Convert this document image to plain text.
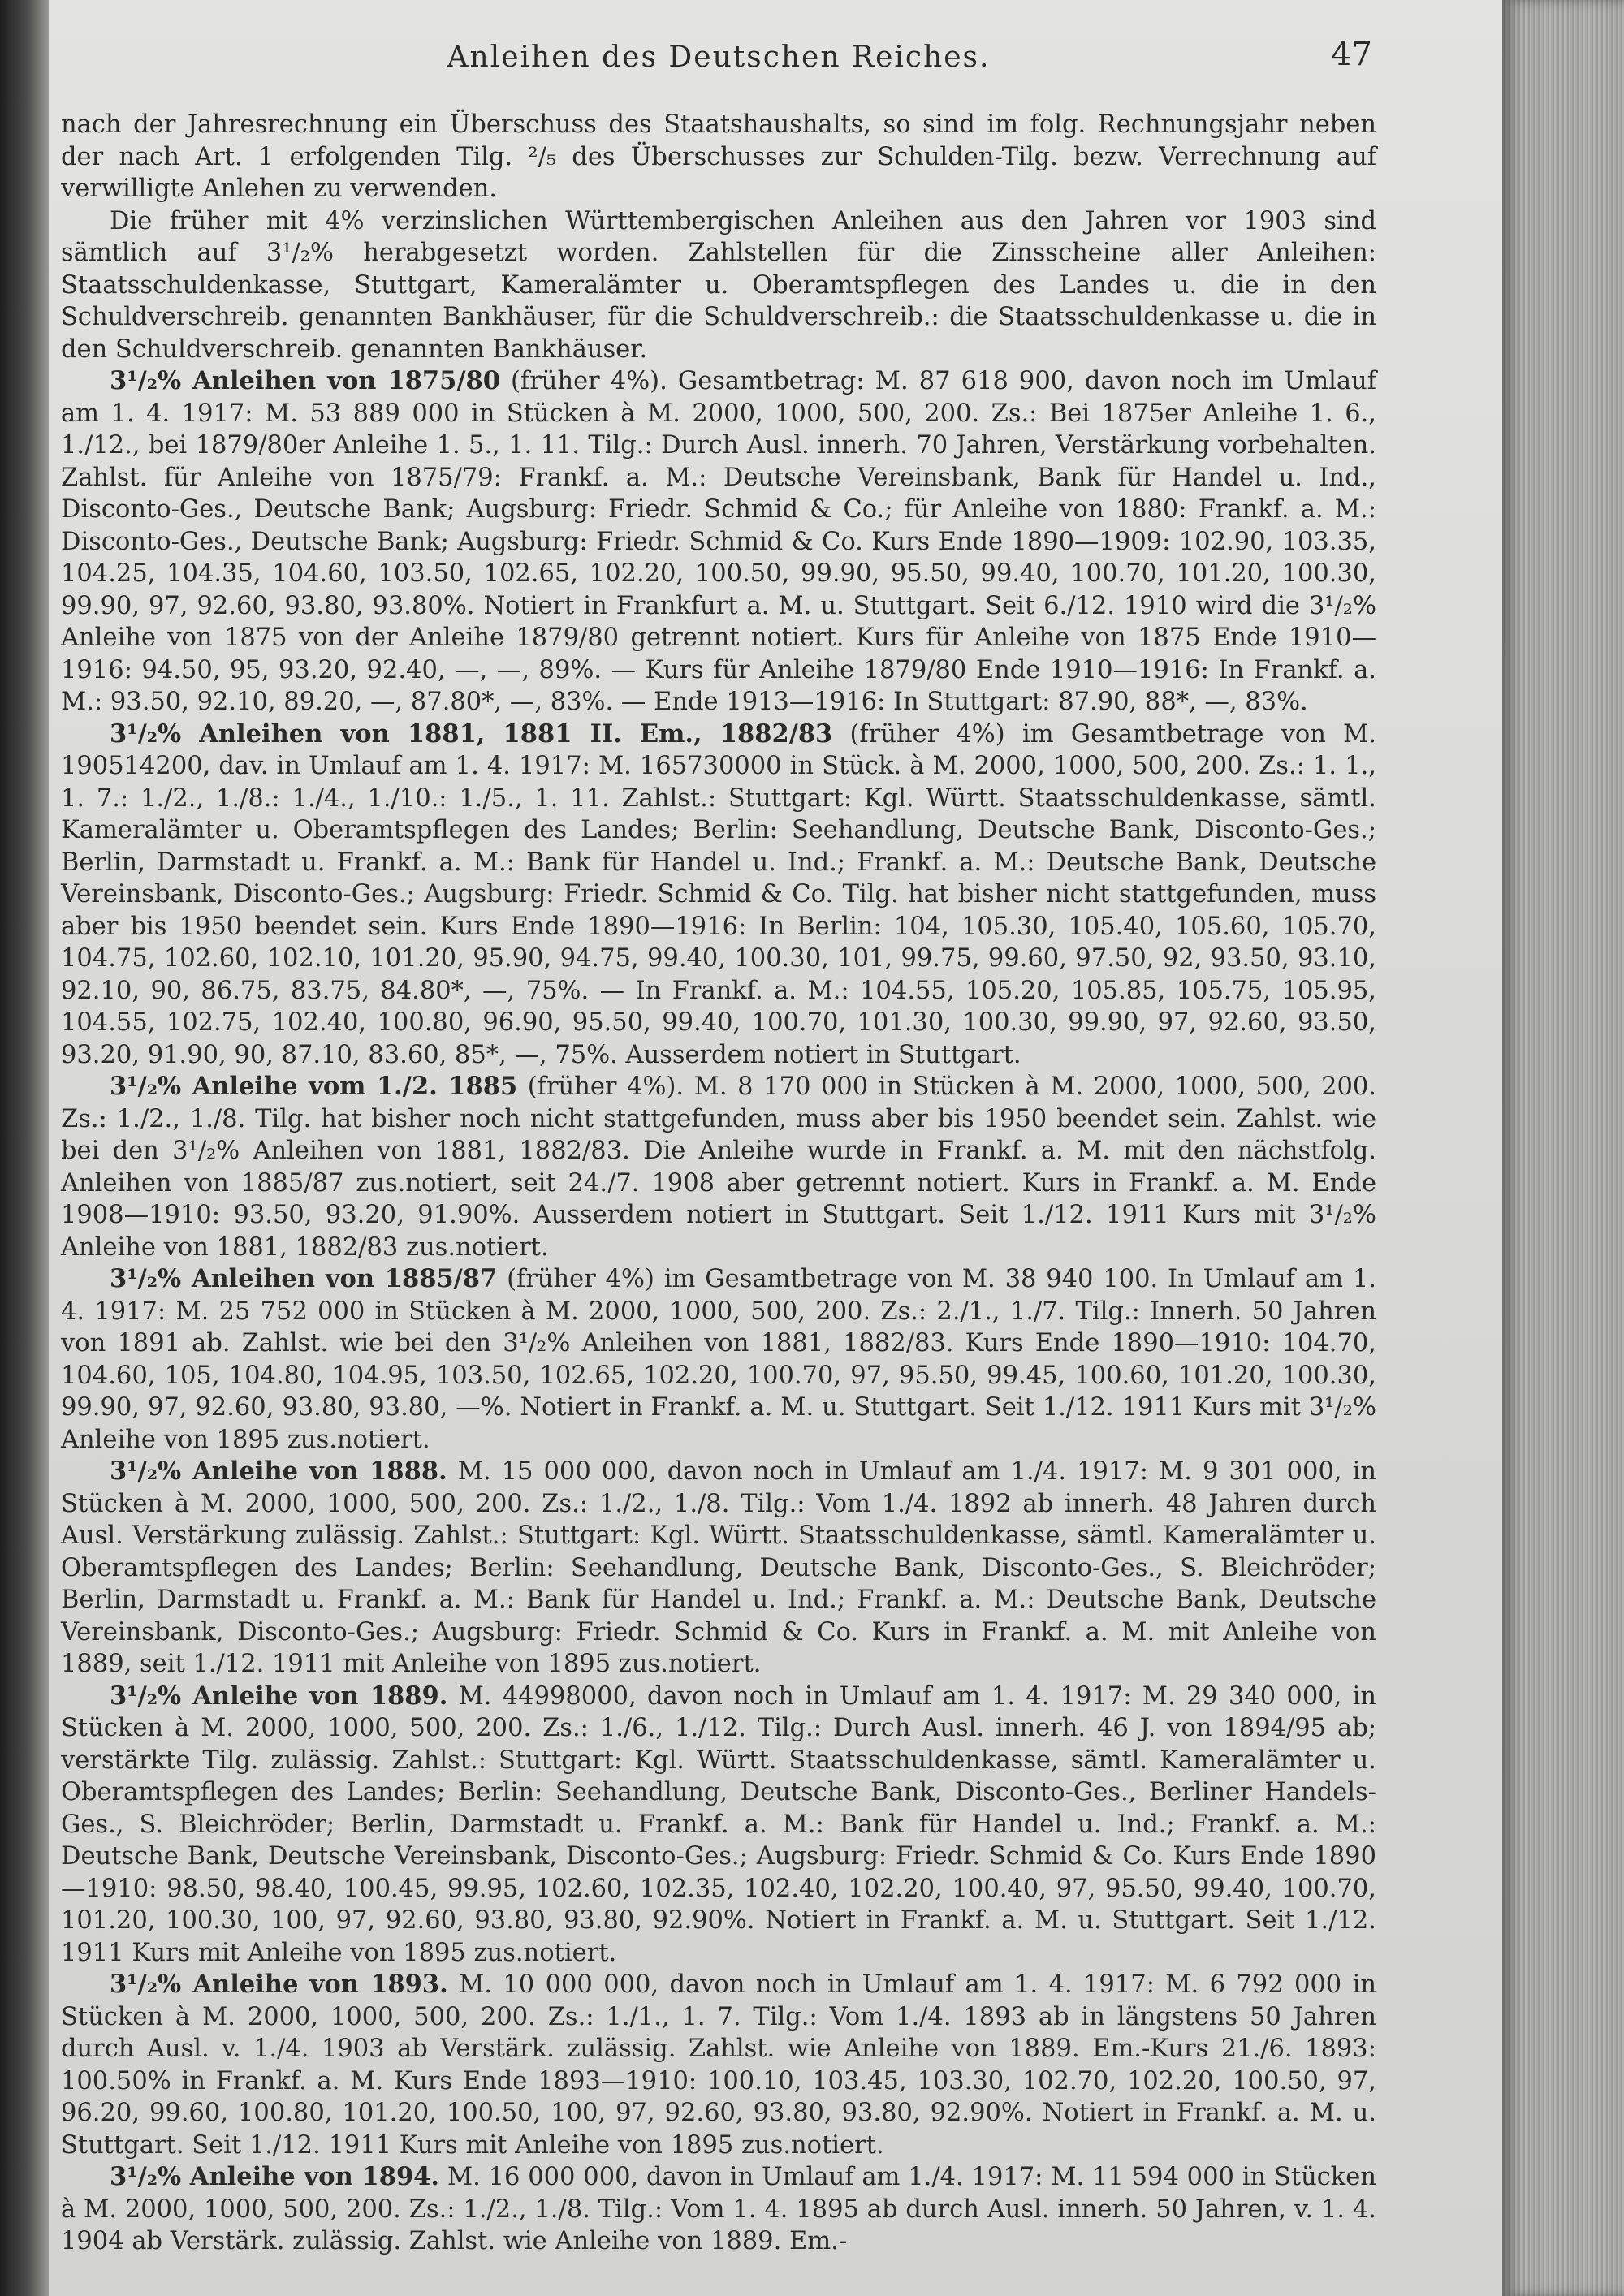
Anleihen des Deutschen Reiches.	47

nach der Jahresrechnung ein Überschuss des Staatshaushalts, so sind im folg. Rechnungsjahr neben der nach Art. 1 erfolgenden Tilg. ²/₅ des Überschusses zur Schulden-Tilg. bezw. Verrechnung auf verwilligte Anlehen zu verwenden.

Die früher mit 4% verzinslichen Württembergischen Anleihen aus den Jahren vor 1903 sind sämtlich auf 3¹/₂% herabgesetzt worden. Zahlstellen für die Zinsscheine aller Anleihen: Staatsschuldenkasse, Stuttgart, Kameralämter u. Oberamtspflegen des Landes u. die in den Schuldverschreib. genannten Bankhäuser, für die Schuldverschreib.: die Staatsschuldenkasse u. die in den Schuldverschreib. genannten Bankhäuser.

3¹/₂% Anleihen von 1875/80 (früher 4%). Gesamtbetrag: M. 87 618 900, davon noch im Umlauf am 1. 4. 1917: M. 53 889 000 in Stücken à M. 2000, 1000, 500, 200. Zs.: Bei 1875er Anleihe 1. 6., 1./12., bei 1879/80er Anleihe 1. 5., 1. 11. Tilg.: Durch Ausl. innerh. 70 Jahren, Verstärkung vorbehalten. Zahlst. für Anleihe von 1875/79: Frankf. a. M.: Deutsche Vereinsbank, Bank für Handel u. Ind., Disconto-Ges., Deutsche Bank; Augsburg: Friedr. Schmid & Co.; für Anleihe von 1880: Frankf. a. M.: Disconto-Ges., Deutsche Bank; Augsburg: Friedr. Schmid & Co. Kurs Ende 1890—1909: 102.90, 103.35, 104.25, 104.35, 104.60, 103.50, 102.65, 102.20, 100.50, 99.90, 95.50, 99.40, 100.70, 101.20, 100.30, 99.90, 97, 92.60, 93.80, 93.80%. Notiert in Frankfurt a. M. u. Stuttgart. Seit 6./12. 1910 wird die 3¹/₂% Anleihe von 1875 von der Anleihe 1879/80 getrennt notiert. Kurs für Anleihe von 1875 Ende 1910—1916: 94.50, 95, 93.20, 92.40, —, —, 89%. — Kurs für Anleihe 1879/80 Ende 1910—1916: In Frankf. a. M.: 93.50, 92.10, 89.20, —, 87.80*, —, 83%. — Ende 1913—1916: In Stuttgart: 87.90, 88*, —, 83%.

3¹/₂% Anleihen von 1881, 1881 II. Em., 1882/83 (früher 4%) im Gesamtbetrage von M. 190514200, dav. in Umlauf am 1. 4. 1917: M. 165730000 in Stück. à M. 2000, 1000, 500, 200. Zs.: 1. 1., 1. 7.: 1./2., 1./8.: 1./4., 1./10.: 1./5., 1. 11. Zahlst.: Stuttgart: Kgl. Württ. Staatsschuldenkasse, sämtl. Kameralämter u. Oberamtspflegen des Landes; Berlin: Seehandlung, Deutsche Bank, Disconto-Ges.; Berlin, Darmstadt u. Frankf. a. M.: Bank für Handel u. Ind.; Frankf. a. M.: Deutsche Bank, Deutsche Vereinsbank, Disconto-Ges.; Augsburg: Friedr. Schmid & Co. Tilg. hat bisher nicht stattgefunden, muss aber bis 1950 beendet sein. Kurs Ende 1890—1916: In Berlin: 104, 105.30, 105.40, 105.60, 105.70, 104.75, 102.60, 102.10, 101.20, 95.90, 94.75, 99.40, 100.30, 101, 99.75, 99.60, 97.50, 92, 93.50, 93.10, 92.10, 90, 86.75, 83.75, 84.80*, —, 75%. — In Frankf. a. M.: 104.55, 105.20, 105.85, 105.75, 105.95, 104.55, 102.75, 102.40, 100.80, 96.90, 95.50, 99.40, 100.70, 101.30, 100.30, 99.90, 97, 92.60, 93.50, 93.20, 91.90, 90, 87.10, 83.60, 85*, —, 75%. Ausserdem notiert in Stuttgart.

3¹/₂% Anleihe vom 1./2. 1885 (früher 4%). M. 8 170 000 in Stücken à M. 2000, 1000, 500, 200. Zs.: 1./2., 1./8. Tilg. hat bisher noch nicht stattgefunden, muss aber bis 1950 beendet sein. Zahlst. wie bei den 3¹/₂% Anleihen von 1881, 1882/83. Die Anleihe wurde in Frankf. a. M. mit den nächstfolg. Anleihen von 1885/87 zus.notiert, seit 24./7. 1908 aber getrennt notiert. Kurs in Frankf. a. M. Ende 1908—1910: 93.50, 93.20, 91.90%. Ausserdem notiert in Stuttgart. Seit 1./12. 1911 Kurs mit 3¹/₂% Anleihe von 1881, 1882/83 zus.notiert.

3¹/₂% Anleihen von 1885/87 (früher 4%) im Gesamtbetrage von M. 38 940 100. In Umlauf am 1. 4. 1917: M. 25 752 000 in Stücken à M. 2000, 1000, 500, 200. Zs.: 2./1., 1./7. Tilg.: Innerh. 50 Jahren von 1891 ab. Zahlst. wie bei den 3¹/₂% Anleihen von 1881, 1882/83. Kurs Ende 1890—1910: 104.70, 104.60, 105, 104.80, 104.95, 103.50, 102.65, 102.20, 100.70, 97, 95.50, 99.45, 100.60, 101.20, 100.30, 99.90, 97, 92.60, 93.80, 93.80, —%. Notiert in Frankf. a. M. u. Stuttgart. Seit 1./12. 1911 Kurs mit 3¹/₂% Anleihe von 1895 zus.notiert.

3¹/₂% Anleihe von 1888. M. 15 000 000, davon noch in Umlauf am 1./4. 1917: M. 9 301 000, in Stücken à M. 2000, 1000, 500, 200. Zs.: 1./2., 1./8. Tilg.: Vom 1./4. 1892 ab innerh. 48 Jahren durch Ausl. Verstärkung zulässig. Zahlst.: Stuttgart: Kgl. Württ. Staatsschuldenkasse, sämtl. Kameralämter u. Oberamtspflegen des Landes; Berlin: Seehandlung, Deutsche Bank, Disconto-Ges., S. Bleichröder; Berlin, Darmstadt u. Frankf. a. M.: Bank für Handel u. Ind.; Frankf. a. M.: Deutsche Bank, Deutsche Vereinsbank, Disconto-Ges.; Augsburg: Friedr. Schmid & Co. Kurs in Frankf. a. M. mit Anleihe von 1889, seit 1./12. 1911 mit Anleihe von 1895 zus.notiert.

3¹/₂% Anleihe von 1889. M. 44998000, davon noch in Umlauf am 1. 4. 1917: M. 29 340 000, in Stücken à M. 2000, 1000, 500, 200. Zs.: 1./6., 1./12. Tilg.: Durch Ausl. innerh. 46 J. von 1894/95 ab; verstärkte Tilg. zulässig. Zahlst.: Stuttgart: Kgl. Württ. Staatsschuldenkasse, sämtl. Kameralämter u. Oberamtspflegen des Landes; Berlin: Seehandlung, Deutsche Bank, Disconto-Ges., Berliner Handels-Ges., S. Bleichröder; Berlin, Darmstadt u. Frankf. a. M.: Bank für Handel u. Ind.; Frankf. a. M.: Deutsche Bank, Deutsche Vereinsbank, Disconto-Ges.; Augsburg: Friedr. Schmid & Co. Kurs Ende 1890—1910: 98.50, 98.40, 100.45, 99.95, 102.60, 102.35, 102.40, 102.20, 100.40, 97, 95.50, 99.40, 100.70, 101.20, 100.30, 100, 97, 92.60, 93.80, 93.80, 92.90%. Notiert in Frankf. a. M. u. Stuttgart. Seit 1./12. 1911 Kurs mit Anleihe von 1895 zus.notiert.

3¹/₂% Anleihe von 1893. M. 10 000 000, davon noch in Umlauf am 1. 4. 1917: M. 6 792 000 in Stücken à M. 2000, 1000, 500, 200. Zs.: 1./1., 1. 7. Tilg.: Vom 1./4. 1893 ab in längstens 50 Jahren durch Ausl. v. 1./4. 1903 ab Verstärk. zulässig. Zahlst. wie Anleihe von 1889. Em.-Kurs 21./6. 1893: 100.50% in Frankf. a. M. Kurs Ende 1893—1910: 100.10, 103.45, 103.30, 102.70, 102.20, 100.50, 97, 96.20, 99.60, 100.80, 101.20, 100.50, 100, 97, 92.60, 93.80, 93.80, 92.90%. Notiert in Frankf. a. M. u. Stuttgart. Seit 1./12. 1911 Kurs mit Anleihe von 1895 zus.notiert.

3¹/₂% Anleihe von 1894. M. 16 000 000, davon in Umlauf am 1./4. 1917: M. 11 594 000 in Stücken à M. 2000, 1000, 500, 200. Zs.: 1./2., 1./8. Tilg.: Vom 1. 4. 1895 ab durch Ausl. innerh. 50 Jahren, v. 1. 4. 1904 ab Verstärk. zulässig. Zahlst. wie Anleihe von 1889. Em.-
